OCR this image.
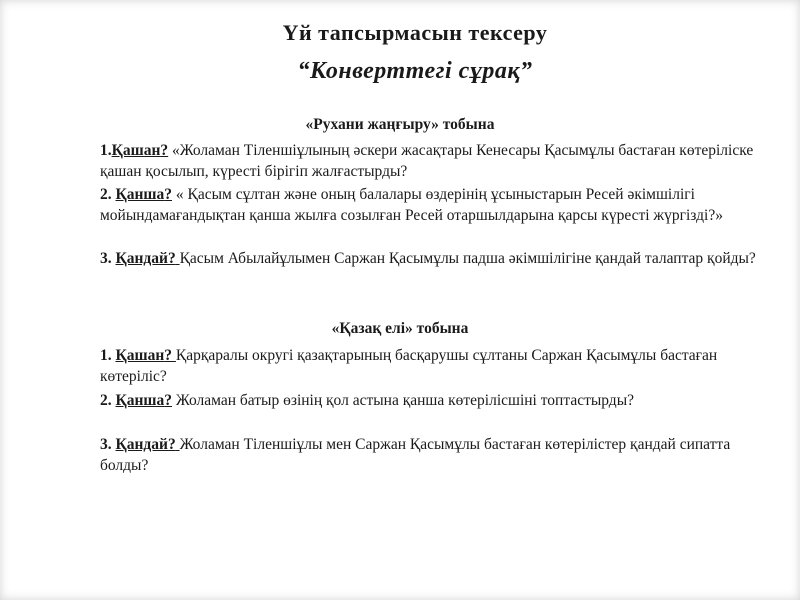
Үй тапсырмасын тексеру
“Конверттегі сұрақ”
«Рухани жаңғыру» тобына
1.Қашан? «Жоламан Тіленшіұлының әскери жасақтары Кенесары Қасымұлы бастаған көтеріліске қашан қосылып, күресті бірігіп жалғастырды?
2. Қанша? « Қасым сұлтан және оның балалары өздерінің ұсыныстарын Ресей әкімшілігі мойындамағандықтан қанша жылға созылған Ресей отаршылдарына қарсы күресті жүргізді?»
3. Қандай? Қасым Абылайұлымен Саржан Қасымұлы падша әкімшілігіне қандай талаптар қойды?
«Қазақ елі» тобына
1. Қашан? Қарқаралы округі қазақтарының басқарушы сұлтаны Саржан Қасымұлы бастаған көтеріліс?
2. Қанша? Жоламан батыр өзінің қол астына қанша көтерілісшіні топтастырды?
3. Қандай? Жоламан Тіленшіұлы мен Саржан Қасымұлы бастаған көтерілістер қандай сипатта болды?
